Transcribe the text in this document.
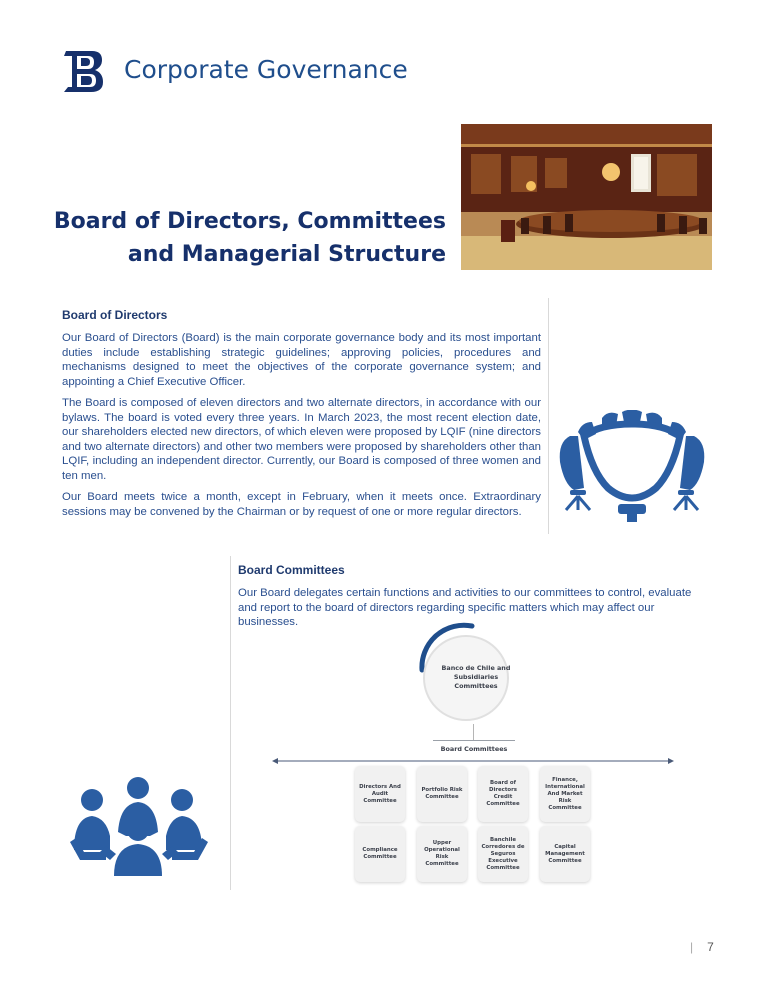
Corporate Governance
Board of Directors, Committees
and Managerial Structure
Board of Directors

Our Board of Directors (Board) is the main corporate governance body and its most important duties include establishing strategic guidelines; approving policies, procedures and mechanisms designed to meet the objectives of the corporate governance system; and appointing a Chief Executive Officer.

The Board is composed of eleven directors and two alternate directors, in accordance with our bylaws. The board is voted every three years. In March 2023, the most recent election date, our shareholders elected new directors, of which eleven were proposed by LQIF (nine directors and two alternate directors) and other two members were proposed by shareholders other than LQIF, including an independent director. Currently, our Board is composed of three women and ten men.

Our Board meets twice a month, except in February, when it meets once. Extraordinary sessions may be convened by the Chairman or by request of one or more regular directors.

Board Committees
Our Board delegates certain functions and activities to our committees to control, evaluate and report to the board of directors regarding specific matters which may affect our businesses.
Banco de Chile and Subsidiaries Committees
Board Committees
Directors And Audit Committee
Portfolio Risk Committee
Board of Directors Credit Committee
Finance, International And Market Risk Committee
Compliance Committee
Upper Operational Risk Committee
Banchile Corredores de Seguros Executive Committee
Capital Management Committee
| 7
